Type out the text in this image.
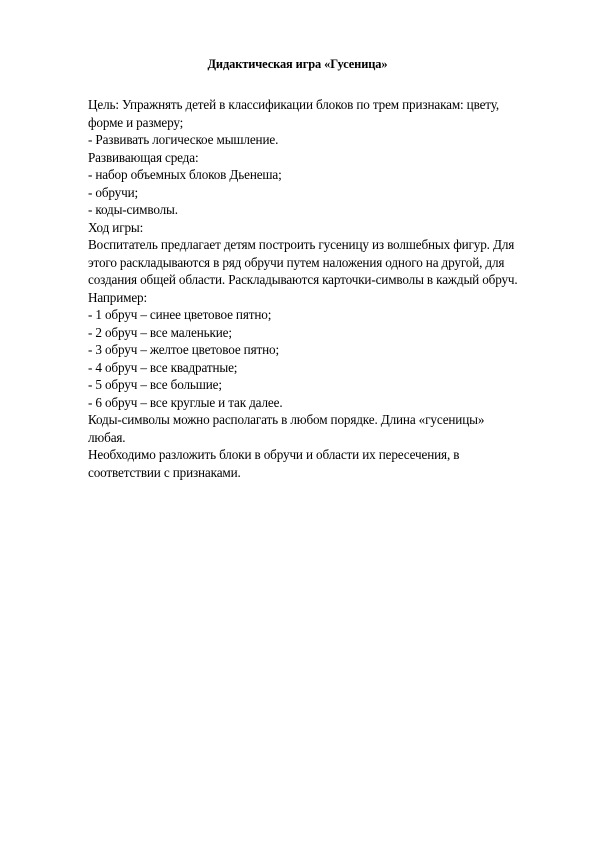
Дидактическая игра «Гусеница»
Цель: Упражнять детей в классификации блоков по трем признакам: цвету,
форме и размеру;
- Развивать логическое мышление.
Развивающая среда:
- набор объемных блоков Дьенеша;
- обручи;
- коды-символы.
Ход игры:
Воспитатель предлагает детям построить гусеницу из волшебных фигур. Для
этого раскладываются в ряд обручи путем наложения одного на другой, для
создания общей области. Раскладываются карточки-символы в каждый обруч.
Например:
- 1 обруч – синее цветовое пятно;
- 2 обруч – все маленькие;
- 3 обруч – желтое цветовое пятно;
- 4 обруч – все квадратные;
- 5 обруч – все большие;
- 6 обруч – все круглые и так далее.
Коды-символы можно располагать в любом порядке. Длина «гусеницы»
любая.
Необходимо разложить блоки в обручи и области их пересечения, в
соответствии с признаками.
